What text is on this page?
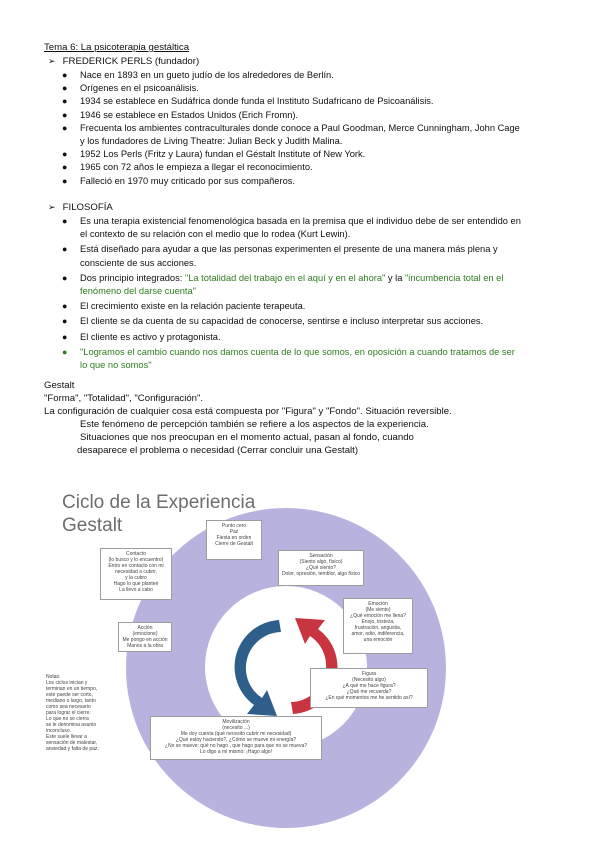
Tema 6: La psicoterapia gestáltica
➢ FREDERICK PERLS (fundador)
● Nace en 1893 en un gueto judío de los alrededores de Berlín.
● Orígenes en el psicoanálisis.
● 1934 se establece en Sudáfrica donde funda el Instituto Sudafricano de Psicoanálisis.
● 1946 se establece en Estados Unidos (Erich Fromn).
● Frecuenta los ambientes contraculturales donde conoce a Paul Goodman, Merce Cunningham, John Cage
y los fundadores de Living Theatre: Julian Beck y Judith Malina.
● 1952 Los Perls (Fritz y Laura) fundan el Géstalt Institute of New York.
● 1965 con 72 años le empieza a llegar el reconocimiento.
● Falleció en 1970 muy criticado por sus compañeros.
➢ FILOSOFÍA
● Es una terapia existencial fenomenológica basada en la premisa que el individuo debe de ser entendido en
el contexto de su relación con el medio que lo rodea (Kurt Lewin).
● Está diseñado para ayudar a que las personas experimenten el presente de una manera más plena y
consciente de sus acciones.
● Dos principio integrados: "La totalidad del trabajo en el aquí y en el ahora" y la "incumbencia total en el
fenómeno del darse cuenta"
● El crecimiento existe en la relación paciente terapeuta.
● El cliente se da cuenta de su capacidad de conocerse, sentirse e incluso interpretar sus acciones.
● El cliente es activo y protagonista.
● "Logramos el cambio cuando nos damos cuenta de lo que somos, en oposición a cuando tratamos de ser
lo que no somos"
Gestalt
"Forma", "Totalidad", "Configuración".
La configuración de cualquier cosa está compuesta por "Figura" y "Fondo". Situación reversible.
Este fenómeno de percepción también se refiere a los aspectos de la experiencia.
Situaciones que nos preocupan en el momento actual, pasan al fondo, cuando
desaparece el problema o necesidad (Cerrar concluir una Gestalt)
Ciclo de la Experiencia
Gestalt	Punto cero
Paz
Fiesta en orden
Cierre de Gestalt
Sensación
(Siento algo, físico)
¿Qué siento?
Dolor, opresión, temblor, algo físico
Emoción
(Me siento)
¿Qué emoción me llena?
Enojo, tristeza,
frustración, angustia,
amor, odio, indiferencia,
una emoción
Figura
(Necesito algo)
¿A qué me hace figura?
¿Qué me recuerda?
¿En qué momentos me he sentido así?
Movilización
(necesito ...)
Me doy cuenta (qué necesito cubrir mi necesidad)
¿Qué estoy haciendo?, ¿Cómo se mueve mi energía?
¿No se mueve: qué no hago , que hago para que no se mueva?
Lo digo a mi mismo: ¡Hago algo!
Acción
(emocione)
Me pongo en acción
Manos a la obra
Contacto
(lo busco y lo encuentro)
Entro en contacto con mi
necesidad a cubrir,
y la cubro
Hago lo que planteé
La llevo a cabo
Notas:
Los ciclos inician y
terminan en un tiempo,
este puede ser corto,
mediano o largo, tanto
como sea necesario
para lograr el cierre.
Lo que no se cierra
se le denomina asunto
inconcluso.
Este suele llevar a
sensación de malestar,
ansiedad y falta de paz.
